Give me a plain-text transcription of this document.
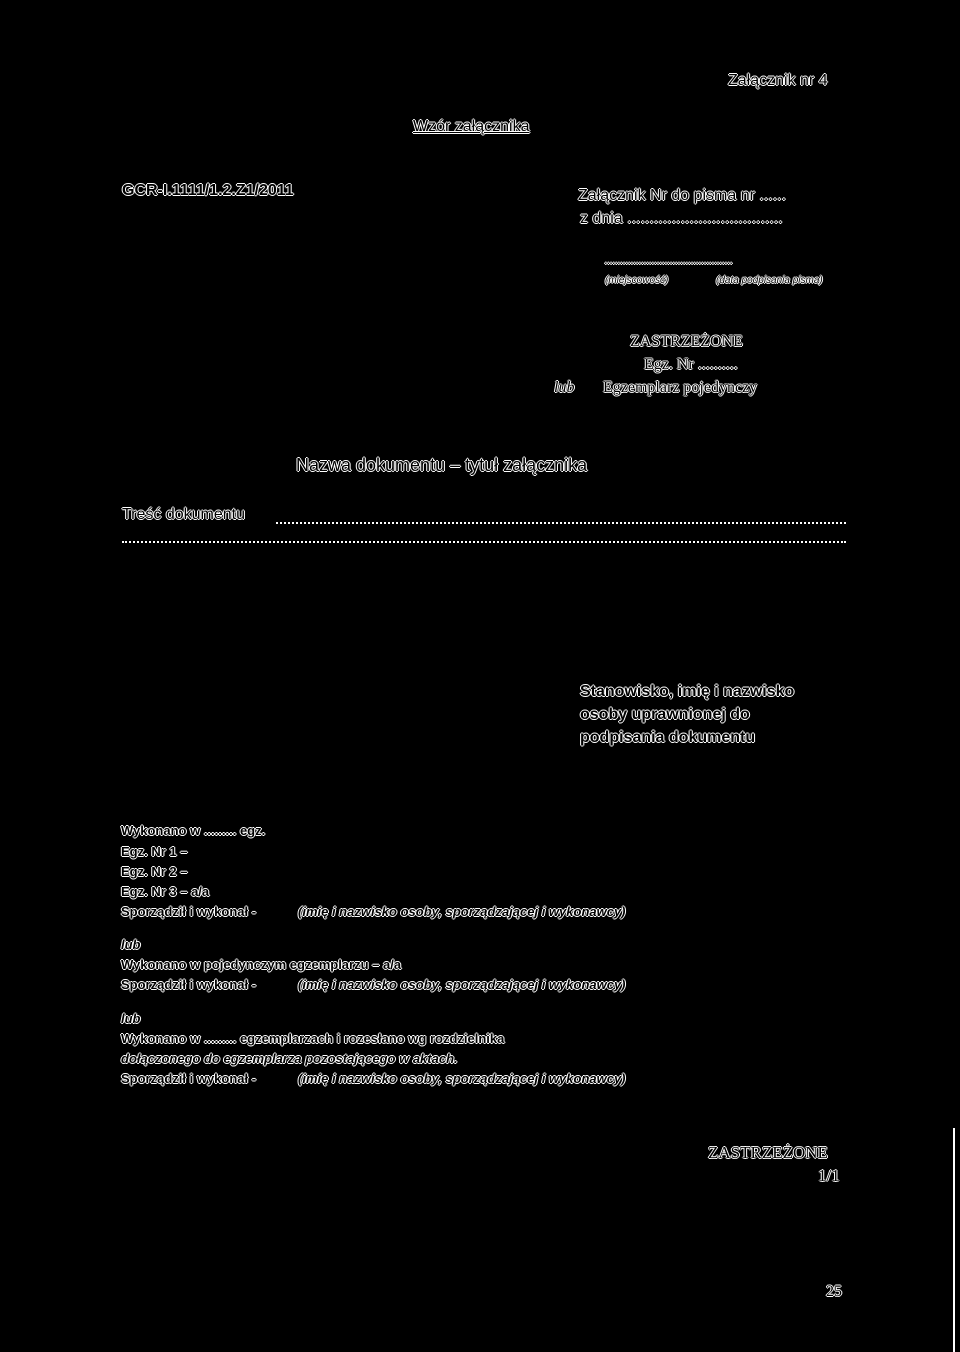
Załącznik nr 4
Wzór załącznika
GCR-I.1111/1.2.Z1/2011	Załącznik Nr do pisma nr ......
z dnia ...................................
.................................................
(miejscowość)	(data podpisania pisma)
ZASTRZEŻONE
Egz. Nr ..........
lub Egzemplarz pojedynczy
Nazwa dokumentu – tytuł załącznika
Treść dokumentu
Stanowisko, imię i nazwisko
osoby uprawnionej do
podpisania dokumentu
Wykonano w ......... egz.
Egz. Nr 1 –
Egz. Nr 2 –
Egz. Nr 3 – a/a
Sporządził i wykonał -	(imię i nazwisko osoby, sporządzającej i wykonawcy)
lub
Wykonano w pojedynczym egzemplarzu – a/a
Sporządził i wykonał -	(imię i nazwisko osoby, sporządzającej i wykonawcy)
lub
Wykonano w ......... egzemplarzach i rozesłano wg rozdzielnika
dołączonego do egzemplarza pozostającego w aktach.
Sporządził i wykonał -	(imię i nazwisko osoby, sporządzającej i wykonawcy)
ZASTRZEŻONE
1/1
25
